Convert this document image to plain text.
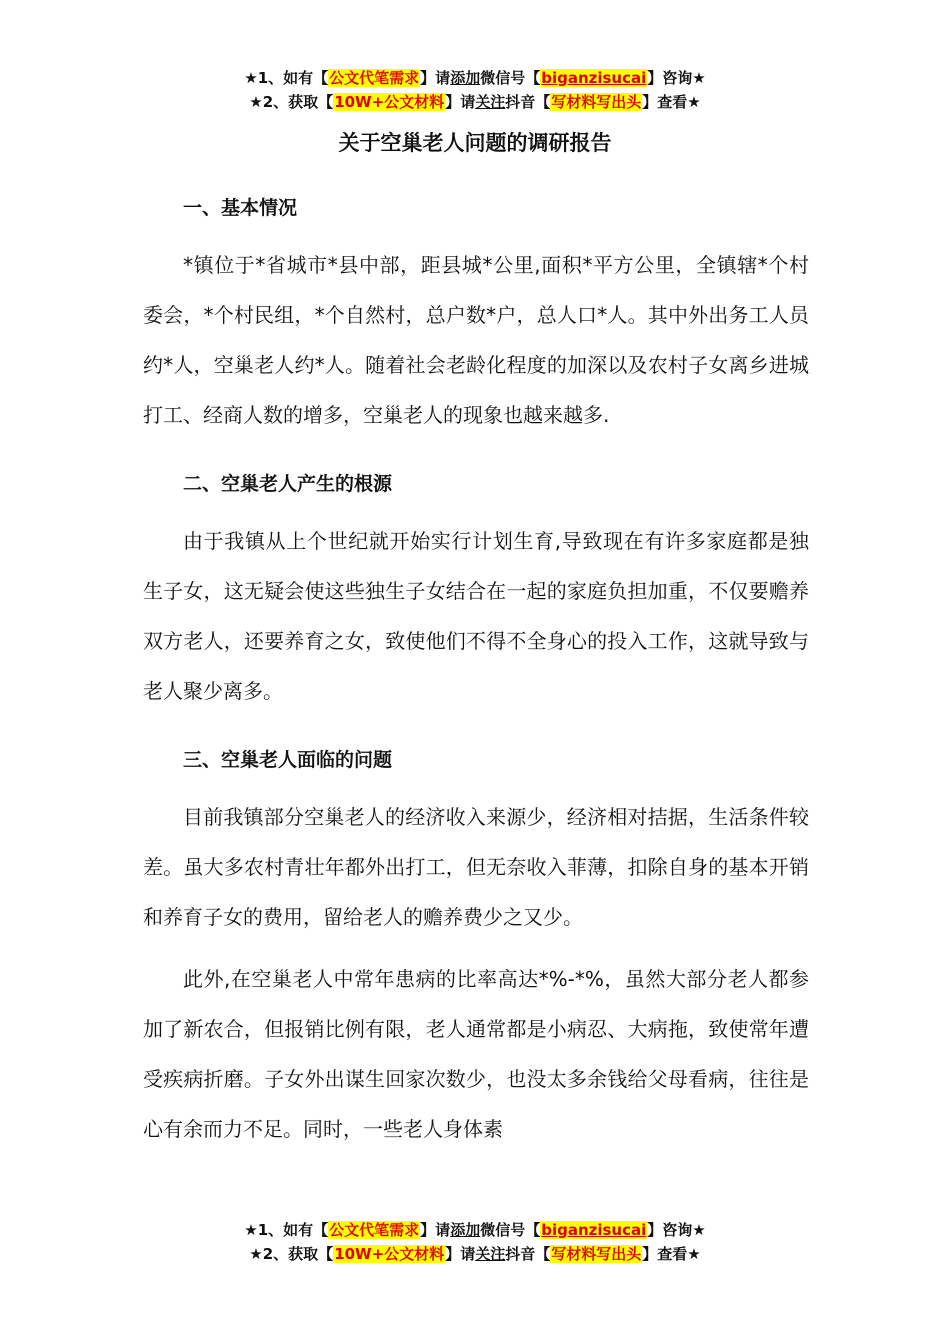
★1、如有【公文代笔需求】请添加微信号【biganzisucai】咨询★
★2、获取【10W+公文材料】请关注抖音【写材料写出头】查看★
关于空巢老人问题的调研报告
一、基本情况

*镇位于*省城市*县中部，距县城*公里,面积*平方公里，全镇辖*个村委会，*个村民组，*个自然村，总户数*户，总人口*人。其中外出务工人员约*人，空巢老人约*人。随着社会老龄化程度的加深以及农村子女离乡进城打工、经商人数的增多，空巢老人的现象也越来越多.

二、空巢老人产生的根源

由于我镇从上个世纪就开始实行计划生育,导致现在有许多家庭都是独生子女，这无疑会使这些独生子女结合在一起的家庭负担加重，不仅要赡养双方老人，还要养育之女，致使他们不得不全身心的投入工作，这就导致与老人聚少离多。

三、空巢老人面临的问题

目前我镇部分空巢老人的经济收入来源少，经济相对拮据，生活条件较差。虽大多农村青壮年都外出打工，但无奈收入菲薄，扣除自身的基本开销和养育子女的费用，留给老人的赡养费少之又少。

此外,在空巢老人中常年患病的比率高达*%-*%，虽然大部分老人都参加了新农合，但报销比例有限，老人通常都是小病忍、大病拖，致使常年遭受疾病折磨。子女外出谋生回家次数少，也没太多余钱给父母看病，往往是心有余而力不足。同时，一些老人身体素

★1、如有【公文代笔需求】请添加微信号【biganzisucai】咨询★
★2、获取【10W+公文材料】请关注抖音【写材料写出头】查看★
